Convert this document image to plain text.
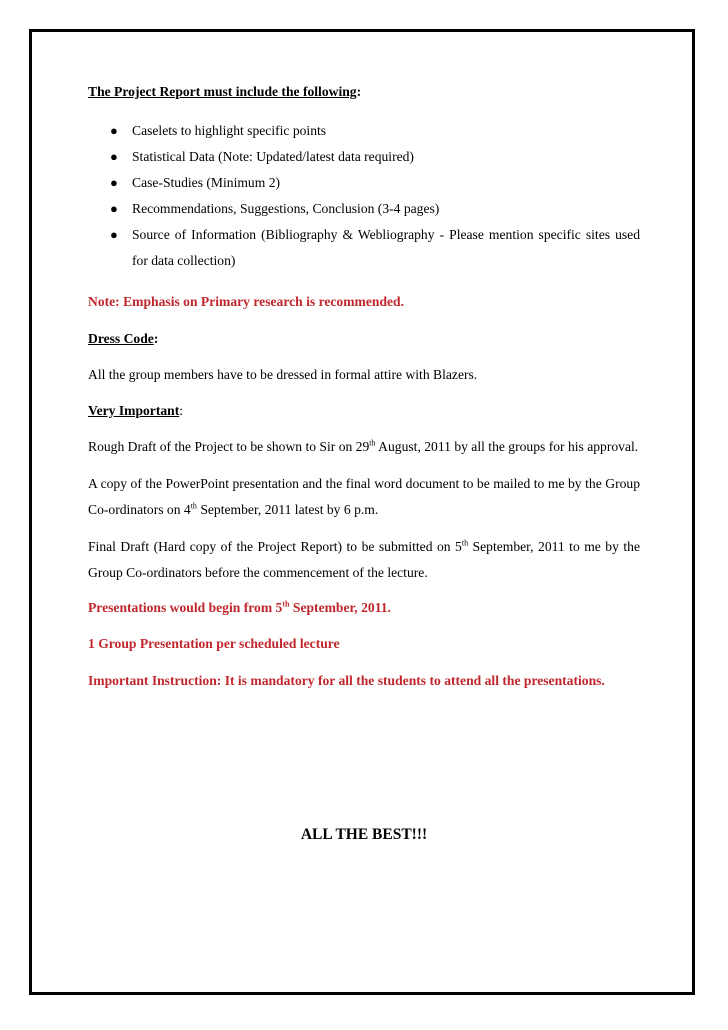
The Project Report must include the following:

● Caselets to highlight specific points
● Statistical Data (Note: Updated/latest data required)
● Case-Studies (Minimum 2)
● Recommendations, Suggestions, Conclusion (3-4 pages)
● Source of Information (Bibliography & Webliography - Please mention specific sites used for data collection)

Note: Emphasis on Primary research is recommended.

Dress Code:

All the group members have to be dressed in formal attire with Blazers.

Very Important:

Rough Draft of the Project to be shown to Sir on 29th August, 2011 by all the groups for his approval.

A copy of the PowerPoint presentation and the final word document to be mailed to me by the Group Co-ordinators on 4th September, 2011 latest by 6 p.m.

Final Draft (Hard copy of the Project Report) to be submitted on 5th September, 2011 to me by the Group Co-ordinators before the commencement of the lecture.

Presentations would begin from 5th September, 2011.

1 Group Presentation per scheduled lecture

Important Instruction: It is mandatory for all the students to attend all the presentations.

ALL THE BEST!!!
